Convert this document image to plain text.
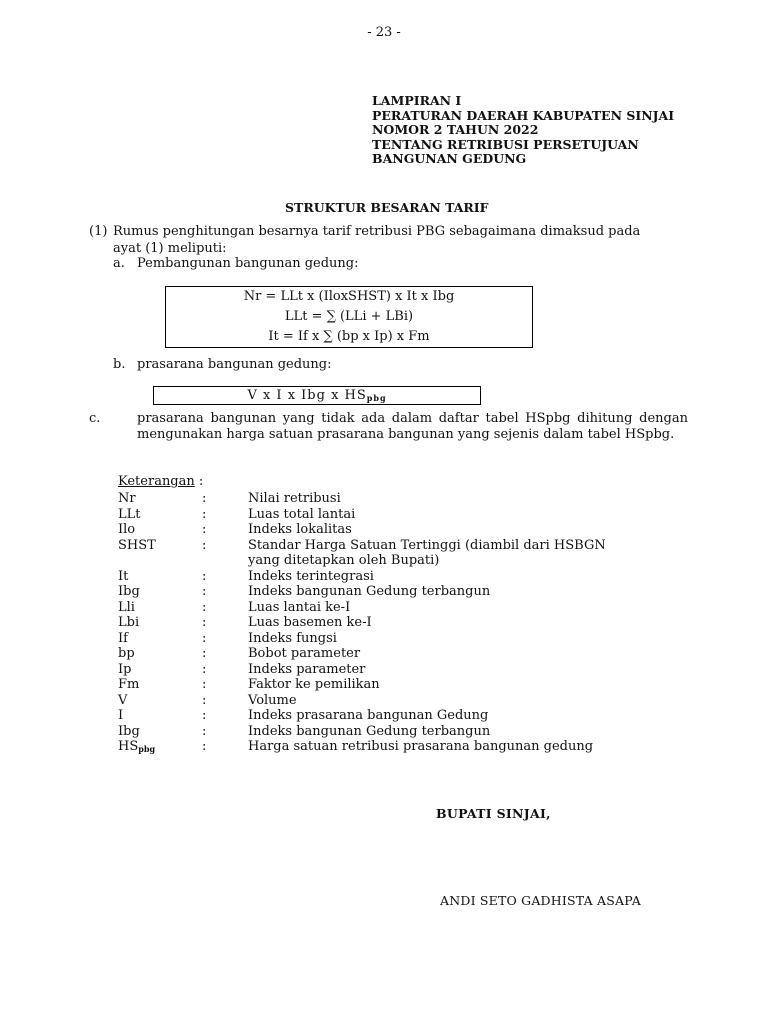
- 23 -
LAMPIRAN I
PERATURAN DAERAH KABUPATEN SINJAI
NOMOR 2 TAHUN 2022
TENTANG RETRIBUSI PERSETUJUAN
BANGUNAN GEDUNG
STRUKTUR BESARAN TARIF
(1) Rumus penghitungan besarnya tarif retribusi PBG sebagaimana dimaksud pada
ayat (1) meliputi:
a. Pembangunan bangunan gedung:
Nr = LLt x (IloxSHST) x It x Ibg
LLt = ∑ (LLi + LBi)
It = If x ∑ (bp x Ip) x Fm
b. prasarana bangunan gedung:
V x I x Ibg x $HS_{pbg}$
c.	prasarana bangunan yang tidak ada dalam daftar tabel HSpbg dihitung dengan mengunakan harga satuan prasarana bangunan yang sejenis dalam tabel HSpbg.
Keterangan :
Nr	:	Nilai retribusi
LLt	:	Luas total lantai
Ilo	:	Indeks lokalitas
SHST	:	Standar Harga Satuan Tertinggi (diambil dari HSBGN
yang ditetapkan oleh Bupati)
It	:	Indeks terintegrasi
Ibg	:	Indeks bangunan Gedung terbangun
Lli	:	Luas lantai ke-I
Lbi	:	Luas basemen ke-I
If	:	Indeks fungsi
bp	:	Bobot parameter
Ip	:	Indeks parameter
Fm	:	Faktor ke pemilikan
V	:	Volume
I	:	Indeks prasarana bangunan Gedung
Ibg	:	Indeks bangunan Gedung terbangun
$HS_{pbg}$	:	Harga satuan retribusi prasarana bangunan gedung
BUPATI SINJAI,
ANDI SETO GADHISTA ASAPA
